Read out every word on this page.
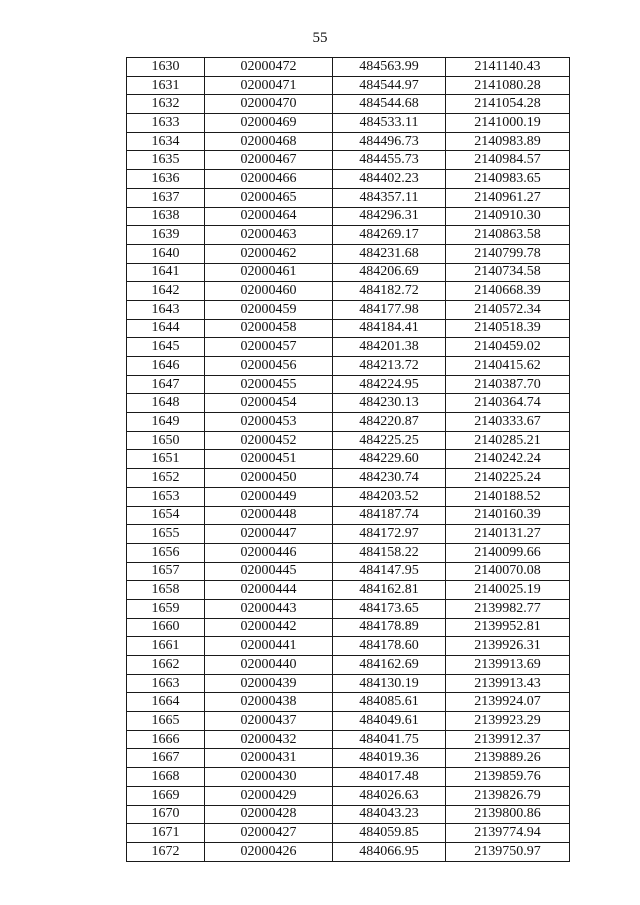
55
1630	02000472	484563.99	2141140.43
1631	02000471	484544.97	2141080.28
1632	02000470	484544.68	2141054.28
1633	02000469	484533.11	2141000.19
1634	02000468	484496.73	2140983.89
1635	02000467	484455.73	2140984.57
1636	02000466	484402.23	2140983.65
1637	02000465	484357.11	2140961.27
1638	02000464	484296.31	2140910.30
1639	02000463	484269.17	2140863.58
1640	02000462	484231.68	2140799.78
1641	02000461	484206.69	2140734.58
1642	02000460	484182.72	2140668.39
1643	02000459	484177.98	2140572.34
1644	02000458	484184.41	2140518.39
1645	02000457	484201.38	2140459.02
1646	02000456	484213.72	2140415.62
1647	02000455	484224.95	2140387.70
1648	02000454	484230.13	2140364.74
1649	02000453	484220.87	2140333.67
1650	02000452	484225.25	2140285.21
1651	02000451	484229.60	2140242.24
1652	02000450	484230.74	2140225.24
1653	02000449	484203.52	2140188.52
1654	02000448	484187.74	2140160.39
1655	02000447	484172.97	2140131.27
1656	02000446	484158.22	2140099.66
1657	02000445	484147.95	2140070.08
1658	02000444	484162.81	2140025.19
1659	02000443	484173.65	2139982.77
1660	02000442	484178.89	2139952.81
1661	02000441	484178.60	2139926.31
1662	02000440	484162.69	2139913.69
1663	02000439	484130.19	2139913.43
1664	02000438	484085.61	2139924.07
1665	02000437	484049.61	2139923.29
1666	02000432	484041.75	2139912.37
1667	02000431	484019.36	2139889.26
1668	02000430	484017.48	2139859.76
1669	02000429	484026.63	2139826.79
1670	02000428	484043.23	2139800.86
1671	02000427	484059.85	2139774.94
1672	02000426	484066.95	2139750.97
